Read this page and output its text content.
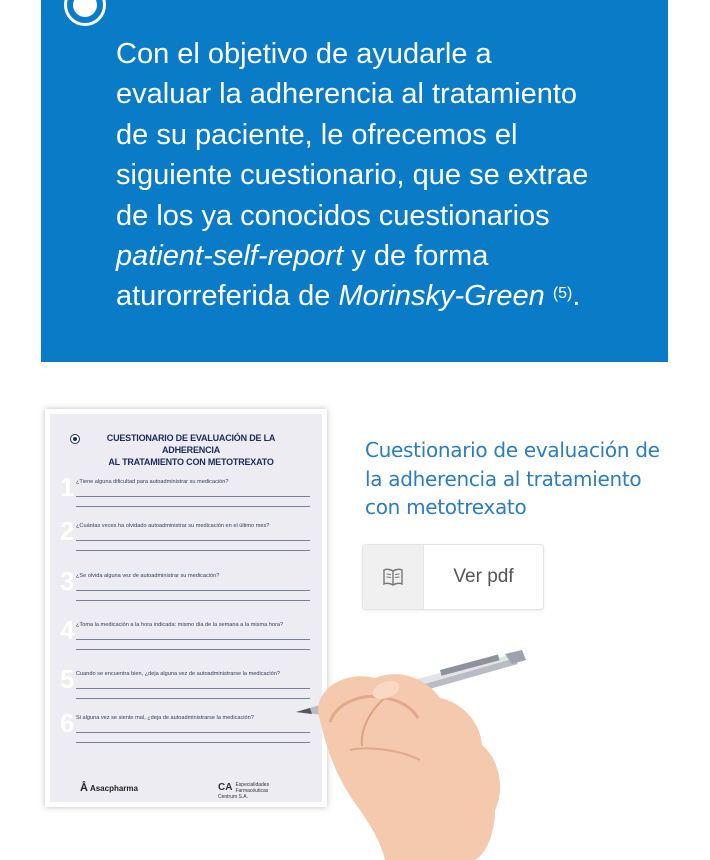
Con el objetivo de ayudarle a
evaluar la adherencia al tratamiento
de su paciente, le ofrecemos el
siguiente cuestionario, que se extrae
de los ya conocidos cuestionarios
patient-self-report y de forma
aturorreferida de Morinsky-Green $^{(5)}$.
CUESTIONARIO DE EVALUACIÓN DE LA ADHERENCIA
AL TRATAMIENTO CON METOTREXATO
1 ¿Tiene alguna dificultad para autoadministrar su medicación?
2 ¿Cuántas veces ha olvidado autoadministrar su medicación en el último mes?
3 ¿Se olvida alguna vez de autoadministrar su medicación?
4 ¿Toma la medicación a la hora indicada: mismo día de la semana a la misma hora?
5 Cuando se encuentra bien, ¿deja alguna vez de autoadministrarse la medicación?
6 Si alguna vez se siente mal, ¿deja de autoadministrarse la medicación?
Å Asacpharma	CA Especialidades Farmacéuticas
Centrum S.A.
Cuestionario de evaluación de
la adherencia al tratamiento
con metotrexato
Ver pdf
